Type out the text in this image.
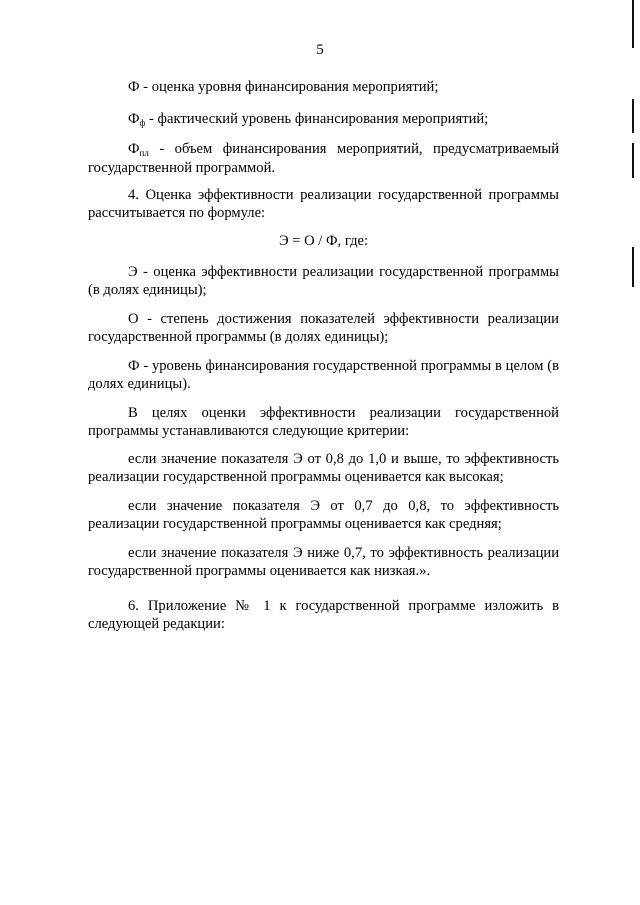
5
Ф - оценка уровня финансирования мероприятий;
$Ф_ф$ - фактический уровень финансирования мероприятий;
$Ф_{пл}$ - объем финансирования мероприятий, предусматриваемый государственной программой.
4. Оценка эффективности реализации государственной программы рассчитывается по формуле:
Э = О / Ф, где:
Э - оценка эффективности реализации государственной программы (в долях единицы);
О - степень достижения показателей эффективности реализации государственной программы (в долях единицы);
Ф - уровень финансирования государственной программы в целом (в долях единицы).
В целях оценки эффективности реализации государственной программы устанавливаются следующие критерии:
если значение показателя Э от 0,8 до 1,0 и выше, то эффективность реализации государственной программы оценивается как высокая;
если значение показателя Э от 0,7 до 0,8, то эффективность реализации государственной программы оценивается как средняя;
если значение показателя Э ниже 0,7, то эффективность реализации государственной программы оценивается как низкая.».
6. Приложение № 1 к государственной программе изложить в следующей редакции:
